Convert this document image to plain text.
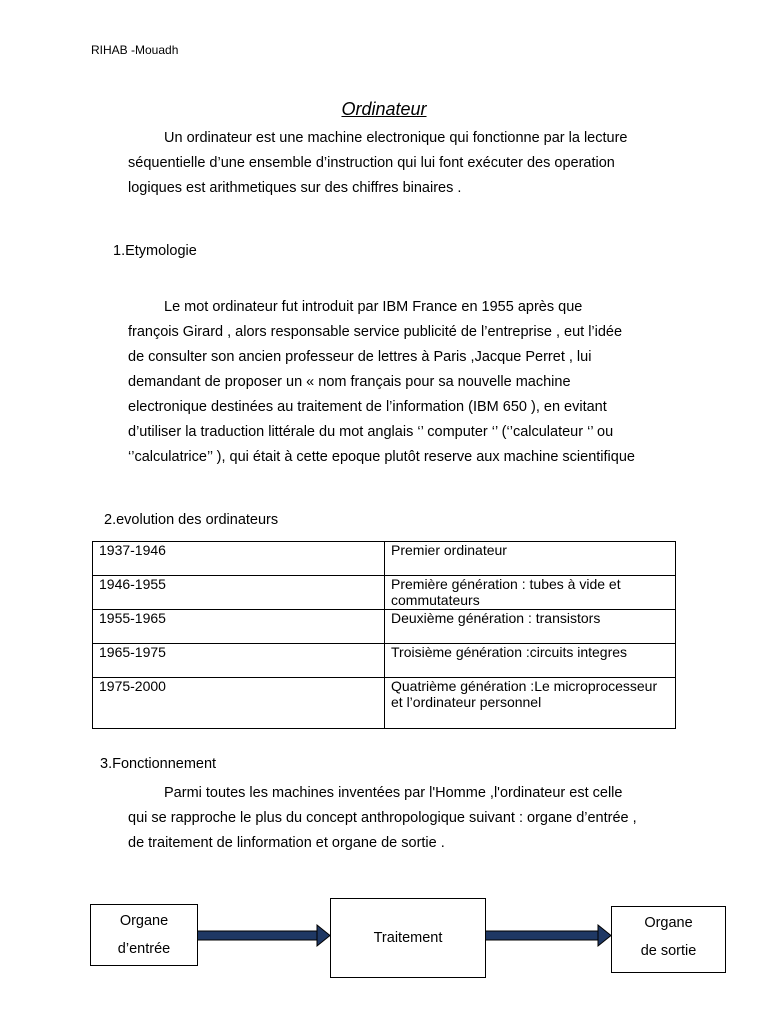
RIHAB -Mouadh
Ordinateur
Un ordinateur est une machine electronique qui fonctionne par la lecture
séquentielle d’une ensemble d’instruction qui lui font exécuter des operation
logiques est arithmetiques sur des chiffres binaires .
1.Etymologie
Le mot ordinateur fut introduit par IBM France en 1955 après que
françois Girard , alors responsable service publicité de l’entreprise , eut l’idée
de consulter son ancien professeur de lettres à Paris ,Jacque Perret , lui
demandant de proposer un « nom français pour sa nouvelle machine
electronique destinées au traitement de l’information (IBM 650 ), en evitant
d’utiliser la traduction littérale du mot anglais ‘’ computer ‘’ (‘’calculateur ‘’ ou
‘’calculatrice’’ ), qui était à cette epoque plutôt reserve aux machine scientifique
2.evolution des ordinateurs
1937-1946	Premier ordinateur
1946-1955	Première génération : tubes à vide et commutateurs
1955-1965	Deuxième génération : transistors
1965-1975	Troisième génération :circuits integres
1975-2000	Quatrième génération :Le microprocesseur et l’ordinateur personnel
3.Fonctionnement
Parmi toutes les machines inventées par l'Homme ,l'ordinateur est celle
qui se rapproche le plus du concept anthropologique suivant : organe d’entrée ,
de traitement de linformation et organe de sortie .
Organe
d’entrée
Traitement
Organe
de sortie
